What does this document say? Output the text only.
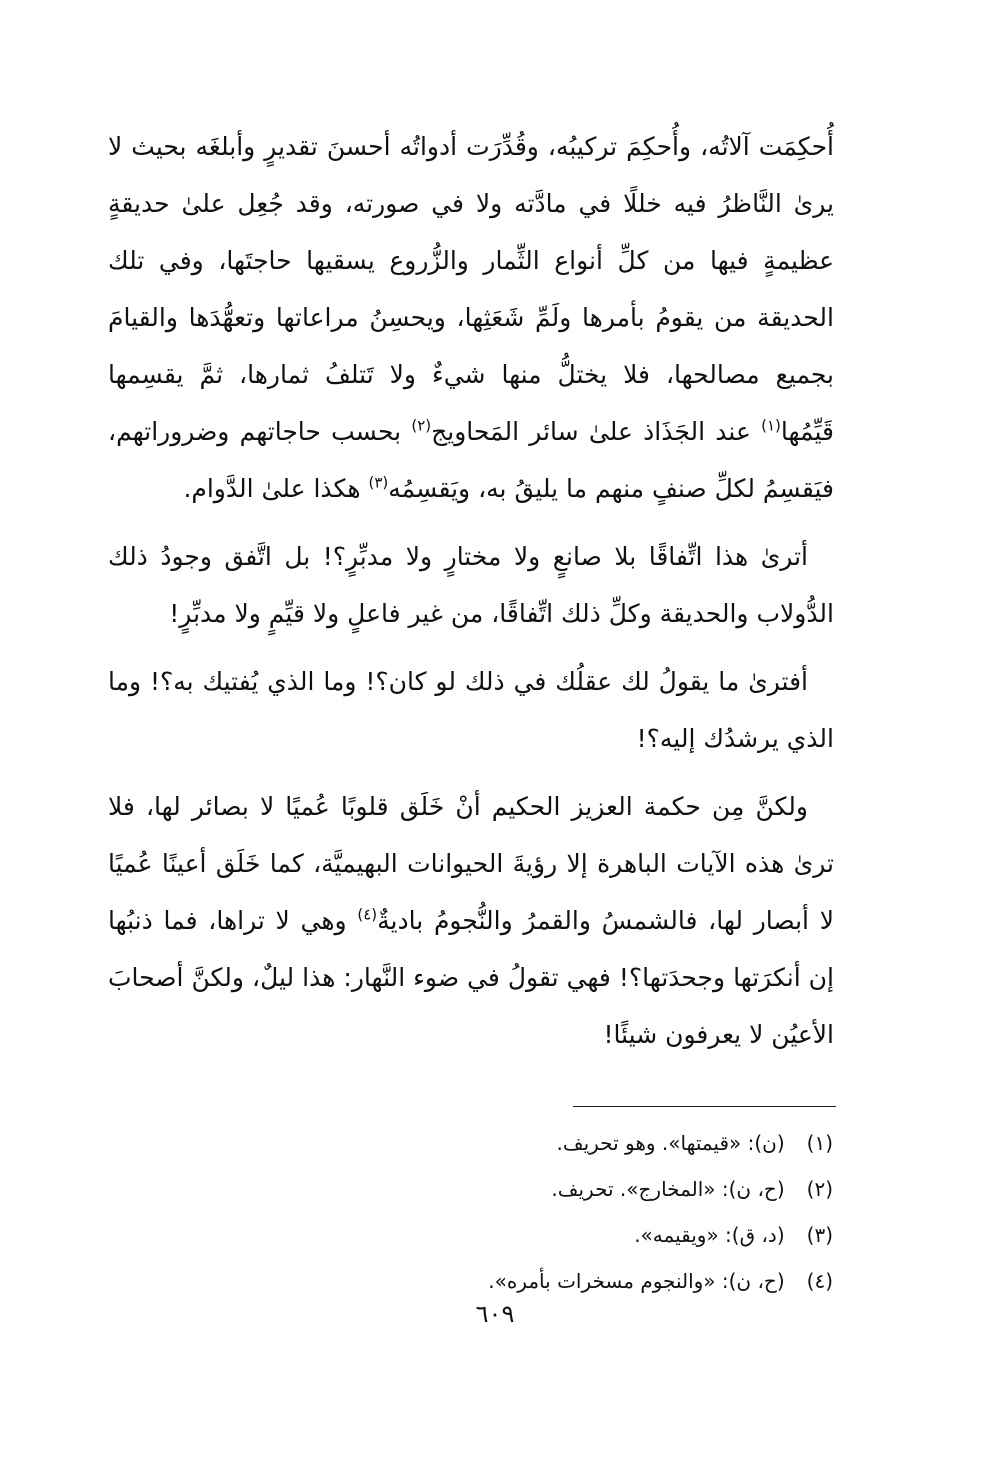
أُحكِمَت آلاتُه، وأُحكِمَ تركيبُه، وقُدِّرَت أدواتُه أحسنَ تقديرٍ وأبلغَه بحيث لا يرىٰ النَّاظرُ فيه خللًا في مادَّته ولا في صورته، وقد جُعِل علىٰ حديقةٍ عظيمةٍ فيها من كلِّ أنواع الثِّمار والزُّروع يسقيها حاجتَها، وفي تلك الحديقة من يقومُ بأمرها ولَمِّ شَعَثِها، ويحسِنُ مراعاتها وتعهُّدَها والقيامَ بجميع مصالحها، فلا يختلُّ منها شيءٌ ولا تَتلفُ ثمارها، ثمَّ يقسِمها قَيِّمُها$^{(١)}$ عند الجَذَاذ علىٰ سائر المَحاويج$^{(٢)}$ بحسب حاجاتهم وضروراتهم، فيَقسِمُ لكلِّ صنفٍ منهم ما يليقُ به، ويَقسِمُه$^{(٣)}$ هكذا علىٰ الدَّوام.

أترىٰ هذا اتِّفاقًا بلا صانعٍ ولا مختارٍ ولا مدبِّرٍ؟! بل اتَّفق وجودُ ذلك الدُّولاب والحديقة وكلِّ ذلك اتِّفاقًا، من غير فاعلٍ ولا قيِّمٍ ولا مدبِّرٍ!

أفترىٰ ما يقولُ لك عقلُك في ذلك لو كان؟! وما الذي يُفتيك به؟! وما الذي يرشدُك إليه؟!

ولكنَّ مِن حكمة العزيز الحكيم أنْ خَلَق قلوبًا عُميًا لا بصائر لها، فلا ترىٰ هذه الآيات الباهرة إلا رؤيةَ الحيوانات البهيميَّة، كما خَلَق أعينًا عُميًا لا أبصار لها، فالشمسُ والقمرُ والنُّجومُ باديةٌ$^{(٤)}$ وهي لا تراها، فما ذنبُها إن أنكرَتها وجحدَتها؟! فهي تقولُ في ضوء النَّهار: هذا ليلٌ، ولكنَّ أصحابَ الأعيُن لا يعرفون شيئًا!

(١) (ن): «قيمتها». وهو تحريف.
(٢) (ح، ن): «المخارج». تحريف.
(٣) (د، ق): «ويقيمه».
(٤) (ح، ن): «والنجوم مسخرات بأمره».
٦٠٩
